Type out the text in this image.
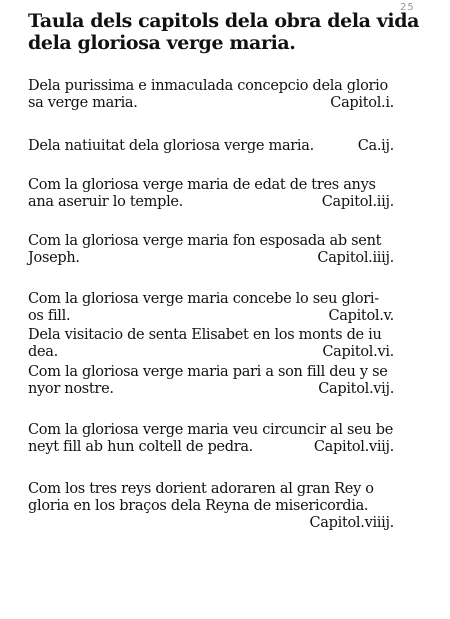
25
Taula dels capitols dela obra dela vida
dela gloriosa verge maria.
Dela purissima e inmaculada concepcio dela glorio
sa verge maria.	Capitol.i.
Dela natiuitat dela gloriosa verge maria.	Ca.ij.
Com la gloriosa verge maria de edat de tres anys
ana aseruir lo temple.	Capitol.iij.
Com la gloriosa verge maria fon esposada ab sent
Joseph.	Capitol.iiij.
Com la gloriosa verge maria concebe lo seu glori-
os fill.	Capitol.v.
Dela visitacio de senta Elisabet en los monts de iu
dea.	Capitol.vi.
Com la gloriosa verge maria pari a son fill deu y se
nyor nostre.	Capitol.vij.
Com la gloriosa verge maria veu circuncir al seu be
neyt fill ab hun coltell de pedra.	Capitol.viij.
Com los tres reys dorient adoraren al gran Rey o
gloria en los braços dela Reyna de misericordia.
Capitol.viiij.
